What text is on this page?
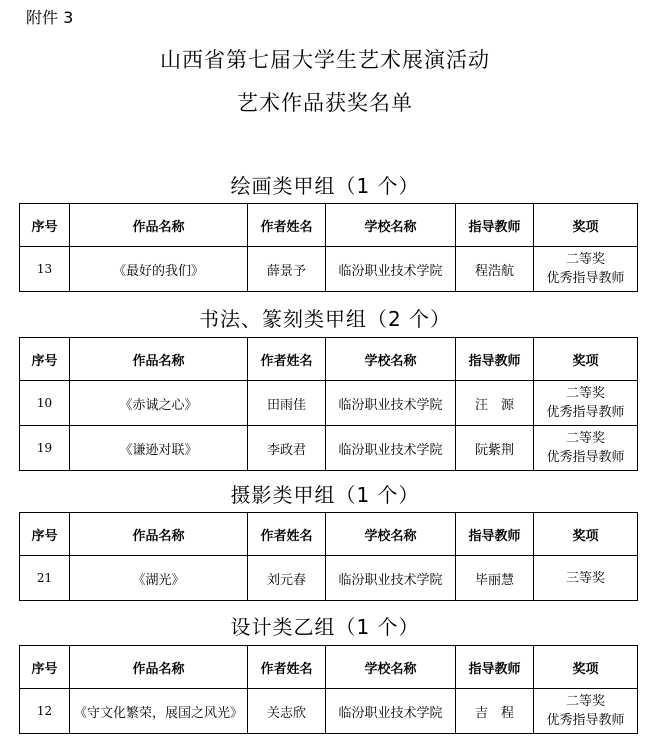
附件 3
山西省第七届大学生艺术展演活动
艺术作品获奖名单
绘画类甲组（1 个）
序号	作品名称	作者姓名	学校名称	指导教师	奖项
13	《最好的我们》	薛景予	临汾职业技术学院	程浩航	二等奖
优秀指导教师
书法、篆刻类甲组（2 个）
序号	作品名称	作者姓名	学校名称	指导教师	奖项
10	《赤诚之心》	田雨佳	临汾职业技术学院	汪　源	二等奖
优秀指导教师

19	《谦逊对联》	李政君	临汾职业技术学院	阮紫荆	二等奖
优秀指导教师
摄影类甲组（1 个）
序号	作品名称	作者姓名	学校名称	指导教师	奖项
21	《湖光》	刘元春	临汾职业技术学院	毕丽慧	三等奖
设计类乙组（1 个）
序号	作品名称	作者姓名	学校名称	指导教师	奖项
12	《守文化繁荣，展国之风光》	关志欣	临汾职业技术学院	吉　程	二等奖
优秀指导教师
